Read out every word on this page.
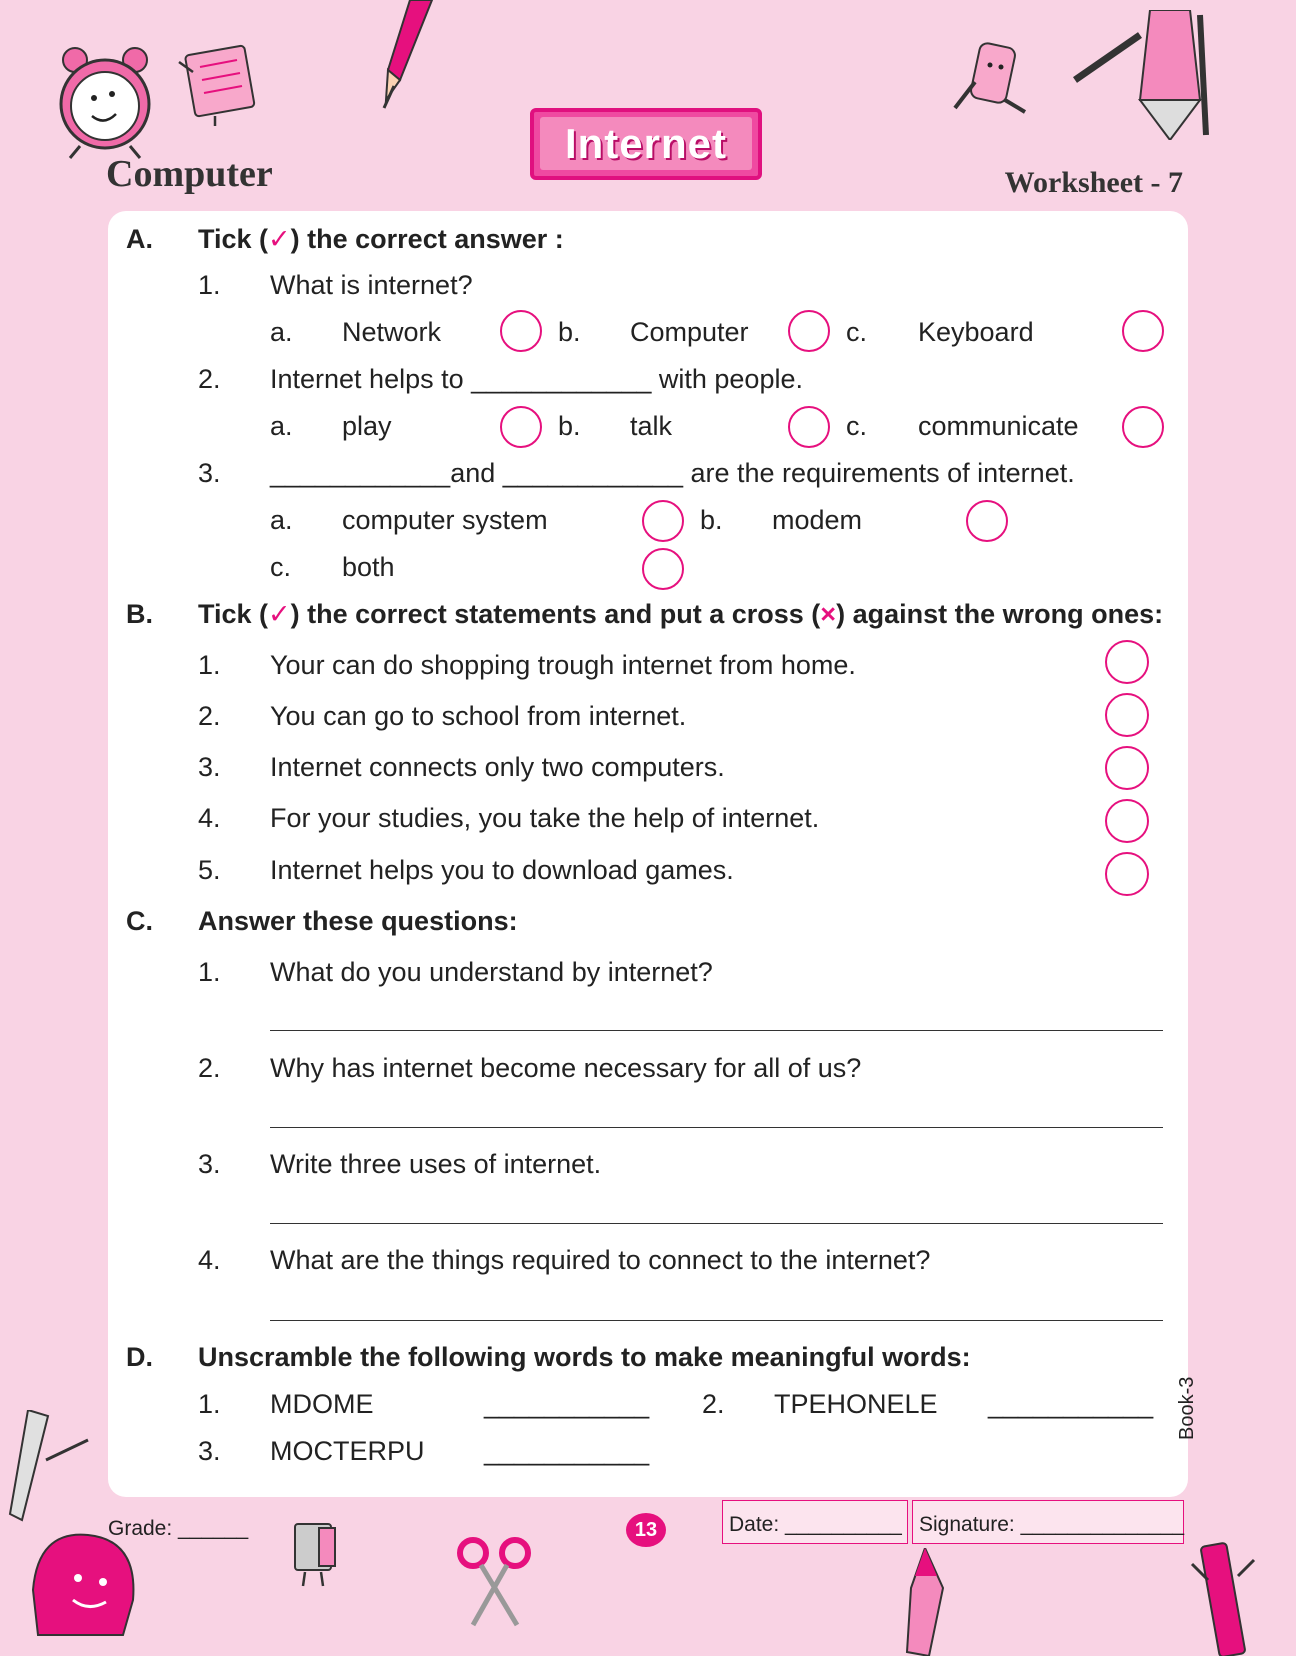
Computer
Internet
Worksheet - 7
A. Tick (✓) the correct answer :
1. What is internet?
a. Network	b. Computer	c. Keyboard
2. Internet helps to ____________ with people.
a. play	b. talk	c. communicate
3. ____________and ____________ are the requirements of internet.
a. computer system	b. modem
c. both
B. Tick (✓) the correct statements and put a cross (×) against the wrong ones:
1. Your can do shopping trough internet from home.
2. You can go to school from internet.
3. Internet connects only two computers.
4. For your studies, you take the help of internet.
5. Internet helps you to download games.
C. Answer these questions:
1. What do you understand by internet?
2. Why has internet become necessary for all of us?
3. Write three uses of internet.
4. What are the things required to connect to the internet?
D. Unscramble the following words to make meaningful words:
1. MDOME	___________ 2. TPEHONELE ___________
3. MOCTERPU ___________
Grade: ______	13	Date: __________ Signature: ______________
Book-3
